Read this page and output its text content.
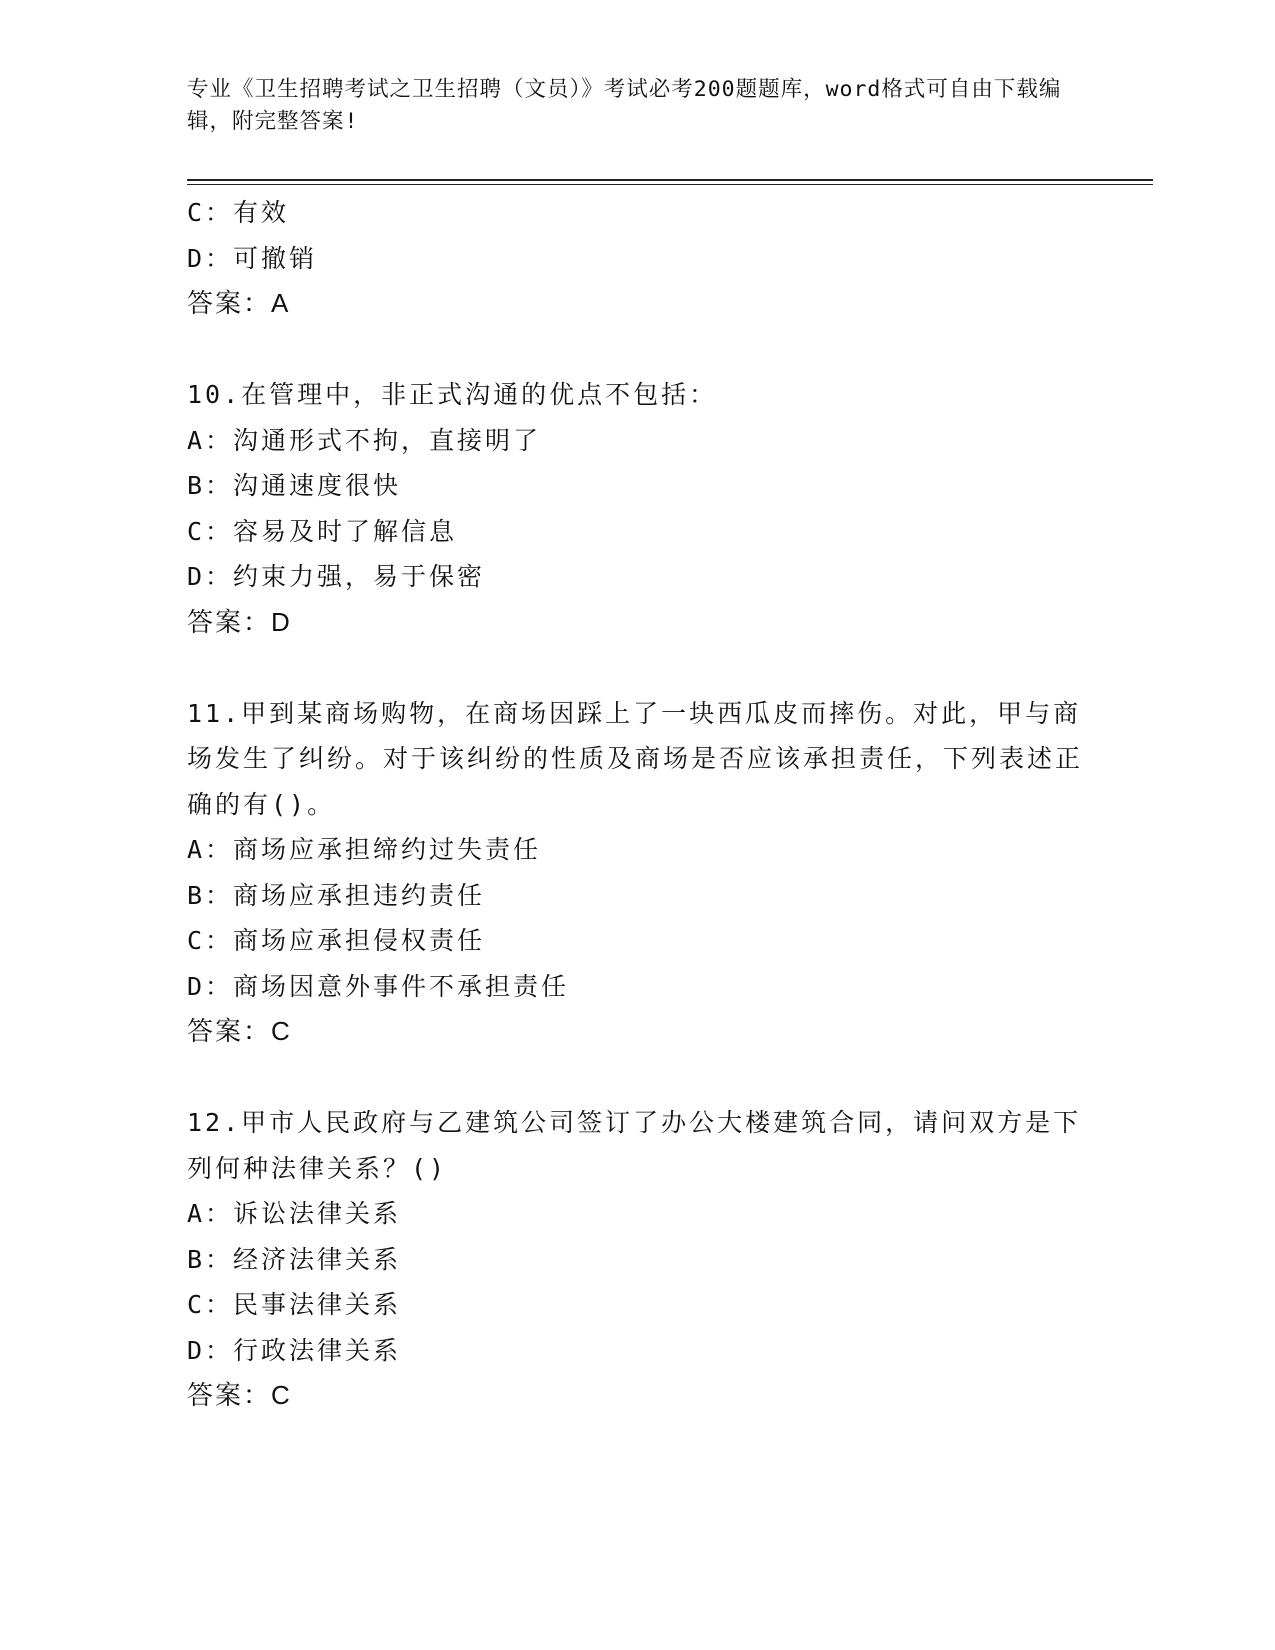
专业《卫生招聘考试之卫生招聘（文员）》考试必考200题题库，word格式可自由下载编辑，附完整答案!
C：有效
D：可撤销
答案：A
10.在管理中，非正式沟通的优点不包括：
A：沟通形式不拘，直接明了
B：沟通速度很快
C：容易及时了解信息
D：约束力强，易于保密
答案：D
11.甲到某商场购物，在商场因踩上了一块西瓜皮而摔伤。对此，甲与商场发生了纠纷。对于该纠纷的性质及商场是否应该承担责任，下列表述正确的有()。
A：商场应承担缔约过失责任
B：商场应承担违约责任
C：商场应承担侵权责任
D：商场因意外事件不承担责任
答案：C
12.甲市人民政府与乙建筑公司签订了办公大楼建筑合同，请问双方是下列何种法律关系？()
A：诉讼法律关系
B：经济法律关系
C：民事法律关系
D：行政法律关系
答案：C
